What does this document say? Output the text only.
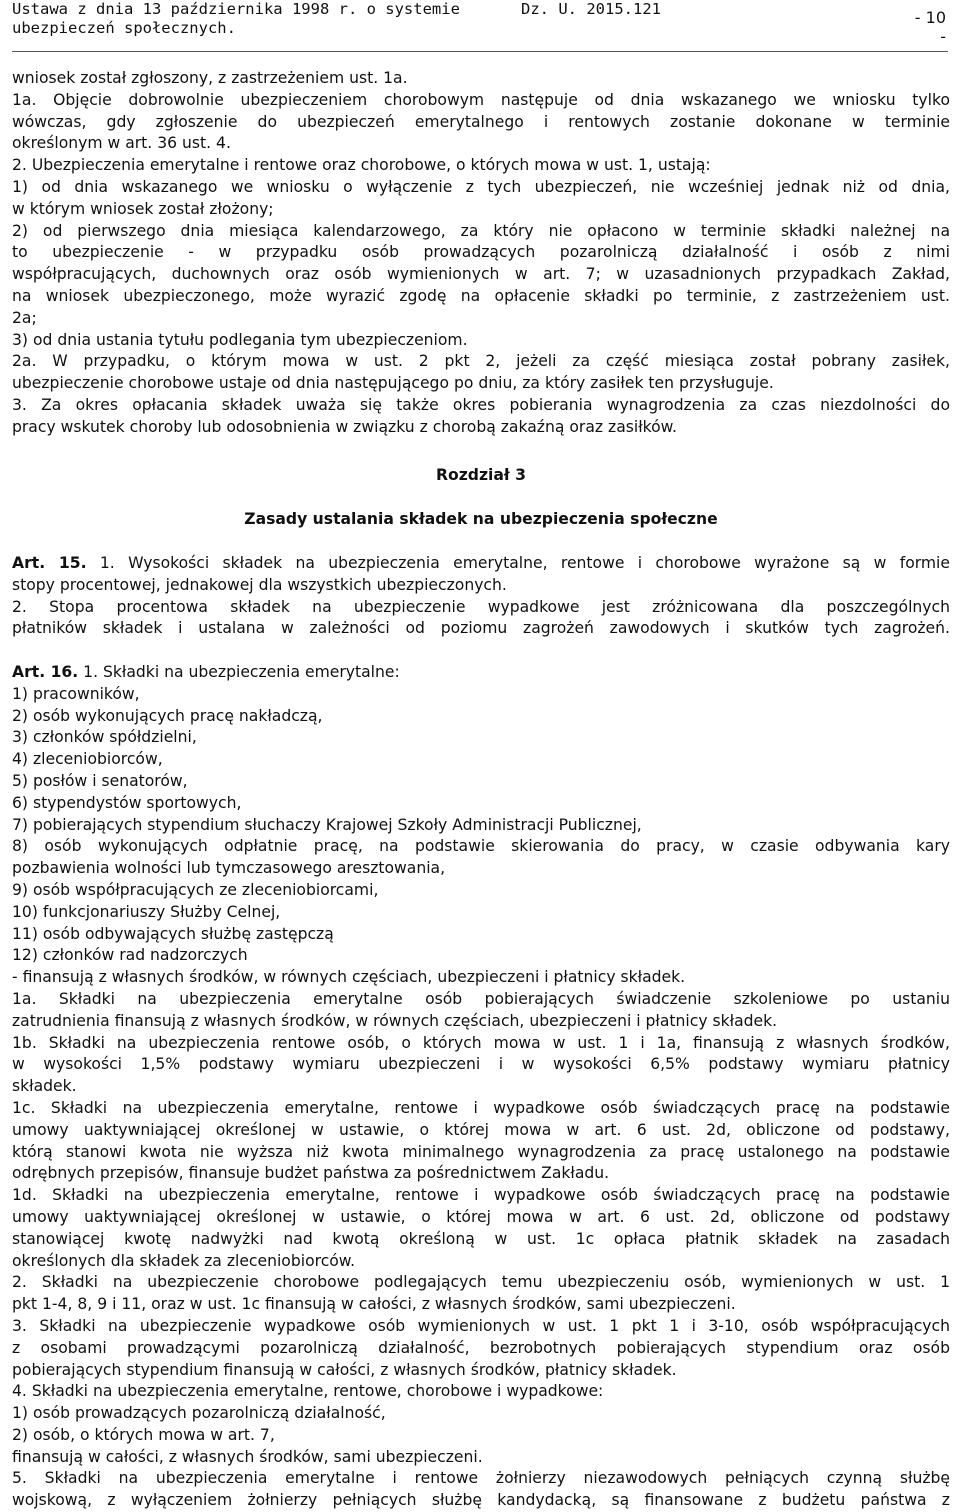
Ustawa z dnia 13 października 1998 r. o systemie
ubezpieczeń społecznych.
Dz. U. 2015.121	- 10
-
wniosek został zgłoszony, z zastrzeżeniem ust. 1a.
1a. Objęcie dobrowolnie ubezpieczeniem chorobowym następuje od dnia wskazanego we wniosku tylko
wówczas, gdy zgłoszenie do ubezpieczeń emerytalnego i rentowych zostanie dokonane w terminie
określonym w art. 36 ust. 4.
2. Ubezpieczenia emerytalne i rentowe oraz chorobowe, o których mowa w ust. 1, ustają:
1) od dnia wskazanego we wniosku o wyłączenie z tych ubezpieczeń, nie wcześniej jednak niż od dnia,
w którym wniosek został złożony;
2) od pierwszego dnia miesiąca kalendarzowego, za który nie opłacono w terminie składki należnej na
to ubezpieczenie - w przypadku osób prowadzących pozarolniczą działalność i osób z nimi
współpracujących, duchownych oraz osób wymienionych w art. 7; w uzasadnionych przypadkach Zakład,
na wniosek ubezpieczonego, może wyrazić zgodę na opłacenie składki po terminie, z zastrzeżeniem ust.
2a;
3) od dnia ustania tytułu podlegania tym ubezpieczeniom.
2a. W przypadku, o którym mowa w ust. 2 pkt 2, jeżeli za część miesiąca został pobrany zasiłek,
ubezpieczenie chorobowe ustaje od dnia następującego po dniu, za który zasiłek ten przysługuje.
3. Za okres opłacania składek uważa się także okres pobierania wynagrodzenia za czas niezdolności do
pracy wskutek choroby lub odosobnienia w związku z chorobą zakaźną oraz zasiłków.
Rozdział 3
Zasady ustalania składek na ubezpieczenia społeczne
Art. 15. 1. Wysokości składek na ubezpieczenia emerytalne, rentowe i chorobowe wyrażone są w formie
stopy procentowej, jednakowej dla wszystkich ubezpieczonych.
2. Stopa procentowa składek na ubezpieczenie wypadkowe jest zróżnicowana dla poszczególnych
płatników składek i ustalana w zależności od poziomu zagrożeń zawodowych i skutków tych zagrożeń.
Art. 16. 1. Składki na ubezpieczenia emerytalne:
1) pracowników,
2) osób wykonujących pracę nakładczą,
3) członków spółdzielni,
4) zleceniobiorców,
5) posłów i senatorów,
6) stypendystów sportowych,
7) pobierających stypendium słuchaczy Krajowej Szkoły Administracji Publicznej,
8) osób wykonujących odpłatnie pracę, na podstawie skierowania do pracy, w czasie odbywania kary
pozbawienia wolności lub tymczasowego aresztowania,
9) osób współpracujących ze zleceniobiorcami,
10) funkcjonariuszy Służby Celnej,
11) osób odbywających służbę zastępczą
12) członków rad nadzorczych
- finansują z własnych środków, w równych częściach, ubezpieczeni i płatnicy składek.
1a. Składki na ubezpieczenia emerytalne osób pobierających świadczenie szkoleniowe po ustaniu
zatrudnienia finansują z własnych środków, w równych częściach, ubezpieczeni i płatnicy składek.
1b. Składki na ubezpieczenia rentowe osób, o których mowa w ust. 1 i 1a, finansują z własnych środków,
w wysokości 1,5% podstawy wymiaru ubezpieczeni i w wysokości 6,5% podstawy wymiaru płatnicy
składek.
1c. Składki na ubezpieczenia emerytalne, rentowe i wypadkowe osób świadczących pracę na podstawie
umowy uaktywniającej określonej w ustawie, o której mowa w art. 6 ust. 2d, obliczone od podstawy,
którą stanowi kwota nie wyższa niż kwota minimalnego wynagrodzenia za pracę ustalonego na podstawie
odrębnych przepisów, finansuje budżet państwa za pośrednictwem Zakładu.
1d. Składki na ubezpieczenia emerytalne, rentowe i wypadkowe osób świadczących pracę na podstawie
umowy uaktywniającej określonej w ustawie, o której mowa w art. 6 ust. 2d, obliczone od podstawy
stanowiącej kwotę nadwyżki nad kwotą określoną w ust. 1c opłaca płatnik składek na zasadach
określonych dla składek za zleceniobiorców.
2. Składki na ubezpieczenie chorobowe podlegających temu ubezpieczeniu osób, wymienionych w ust. 1
pkt 1-4, 8, 9 i 11, oraz w ust. 1c finansują w całości, z własnych środków, sami ubezpieczeni.
3. Składki na ubezpieczenie wypadkowe osób wymienionych w ust. 1 pkt 1 i 3-10, osób współpracujących
z osobami prowadzącymi pozarolniczą działalność, bezrobotnych pobierających stypendium oraz osób
pobierających stypendium finansują w całości, z własnych środków, płatnicy składek.
4. Składki na ubezpieczenia emerytalne, rentowe, chorobowe i wypadkowe:
1) osób prowadzących pozarolniczą działalność,
2) osób, o których mowa w art. 7,
finansują w całości, z własnych środków, sami ubezpieczeni.
5. Składki na ubezpieczenia emerytalne i rentowe żołnierzy niezawodowych pełniących czynną służbę
wojskową, z wyłączeniem żołnierzy pełniących służbę kandydacką, są finansowane z budżetu państwa z
